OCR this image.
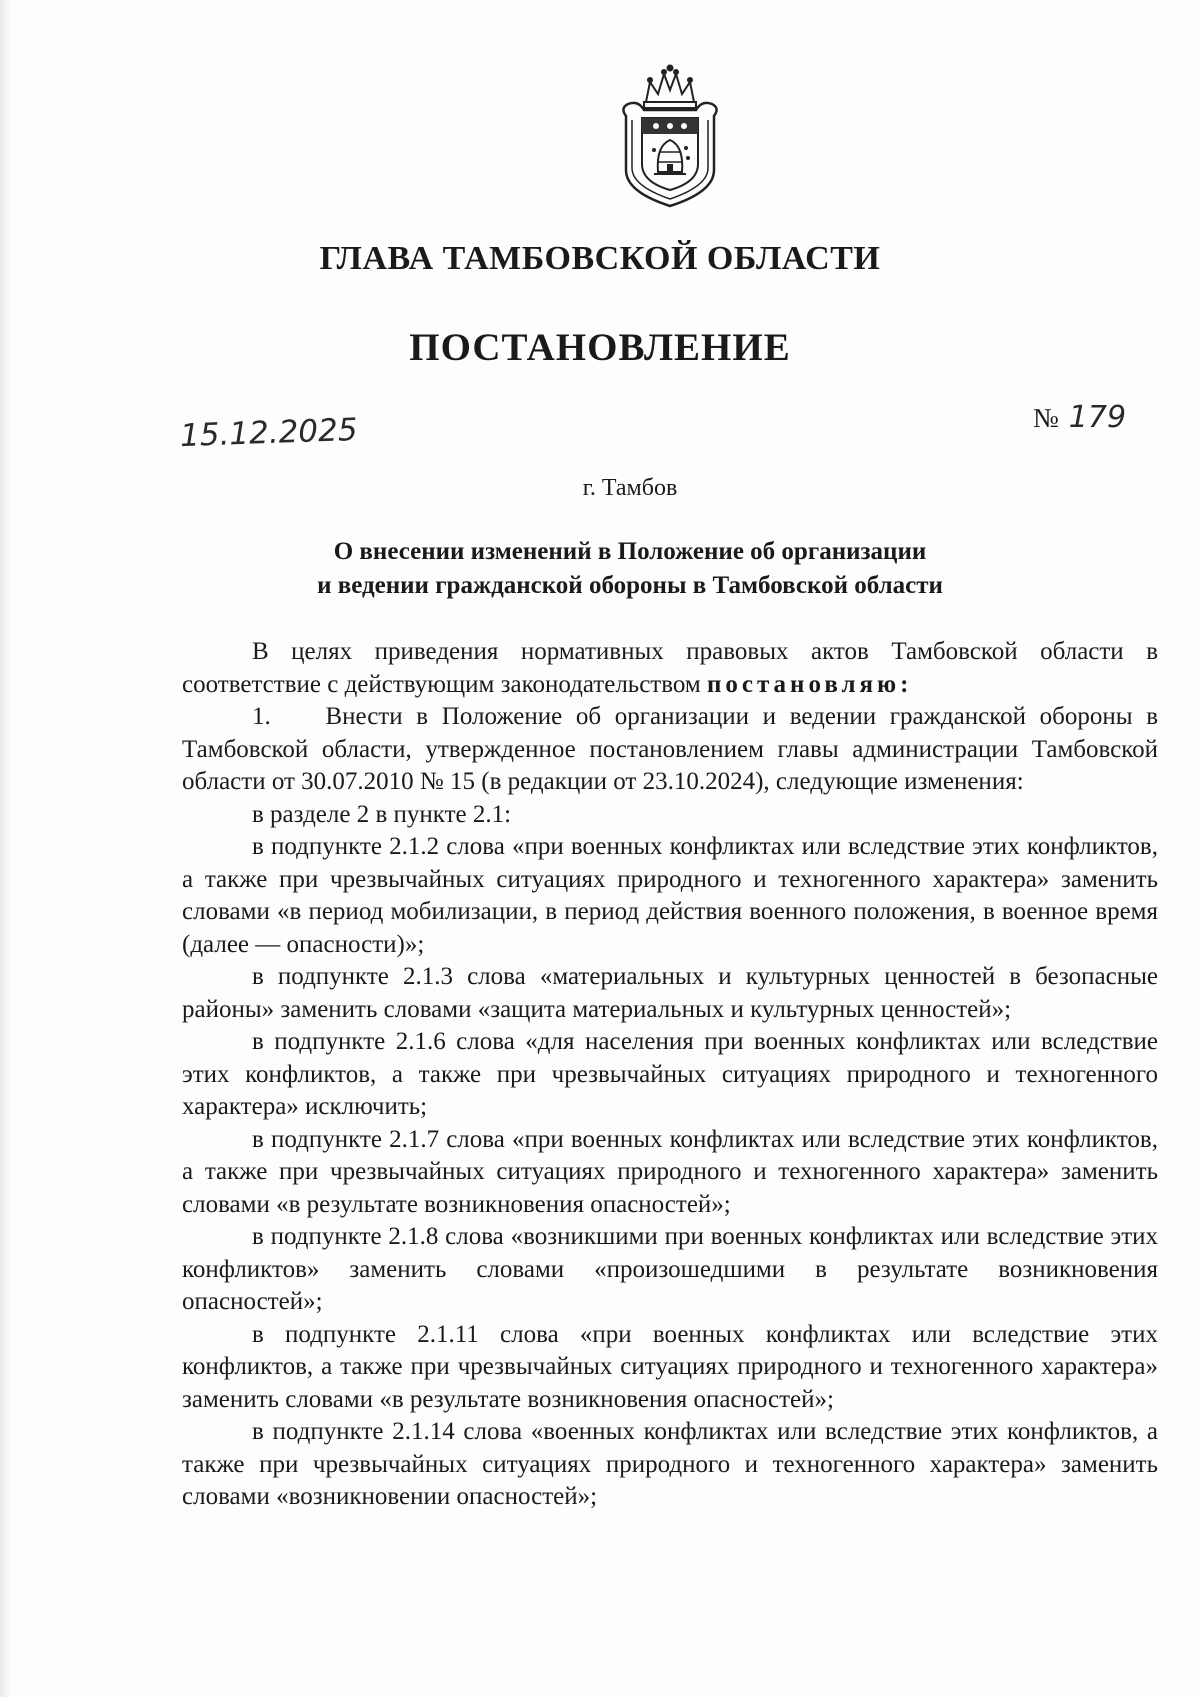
ГЛАВА ТАМБОВСКОЙ ОБЛАСТИ
ПОСТАНОВЛЕНИЕ
15.12.2025	№ 179
г. Тамбов
О внесении изменений в Положение об организации
и ведении гражданской обороны в Тамбовской области

В целях приведения нормативных правовых актов Тамбовской области в соответствие с действующим законодательством постановляю:

1.    Внести в Положение об организации и ведении гражданской обороны в Тамбовской области, утвержденное постановлением главы администрации Тамбовской области от 30.07.2010 № 15 (в редакции от 23.10.2024), следующие изменения:

в разделе 2 в пункте 2.1:

в подпункте 2.1.2 слова «при военных конфликтах или вследствие этих конфликтов, а также при чрезвычайных ситуациях природного и техногенного характера» заменить словами «в период мобилизации, в период действия военного положения, в военное время (далее — опасности)»;

в подпункте 2.1.3 слова «материальных и культурных ценностей в безопасные районы» заменить словами «защита материальных и культурных ценностей»;

в подпункте 2.1.6 слова «для населения при военных конфликтах или вследствие этих конфликтов, а также при чрезвычайных ситуациях природного и техногенного характера» исключить;

в подпункте 2.1.7 слова «при военных конфликтах или вследствие этих конфликтов, а также при чрезвычайных ситуациях природного и техногенного характера» заменить словами «в результате возникновения опасностей»;

в подпункте 2.1.8 слова «возникшими при военных конфликтах или вследствие этих конфликтов» заменить словами «произошедшими в результате возникновения опасностей»;

в подпункте 2.1.11 слова «при военных конфликтах или вследствие этих конфликтов, а также при чрезвычайных ситуациях природного и техногенного характера» заменить словами «в результате возникновения опасностей»;

в подпункте 2.1.14 слова «военных конфликтах или вследствие этих конфликтов, а также при чрезвычайных ситуациях природного и техногенного характера» заменить словами «возникновении опасностей»;
